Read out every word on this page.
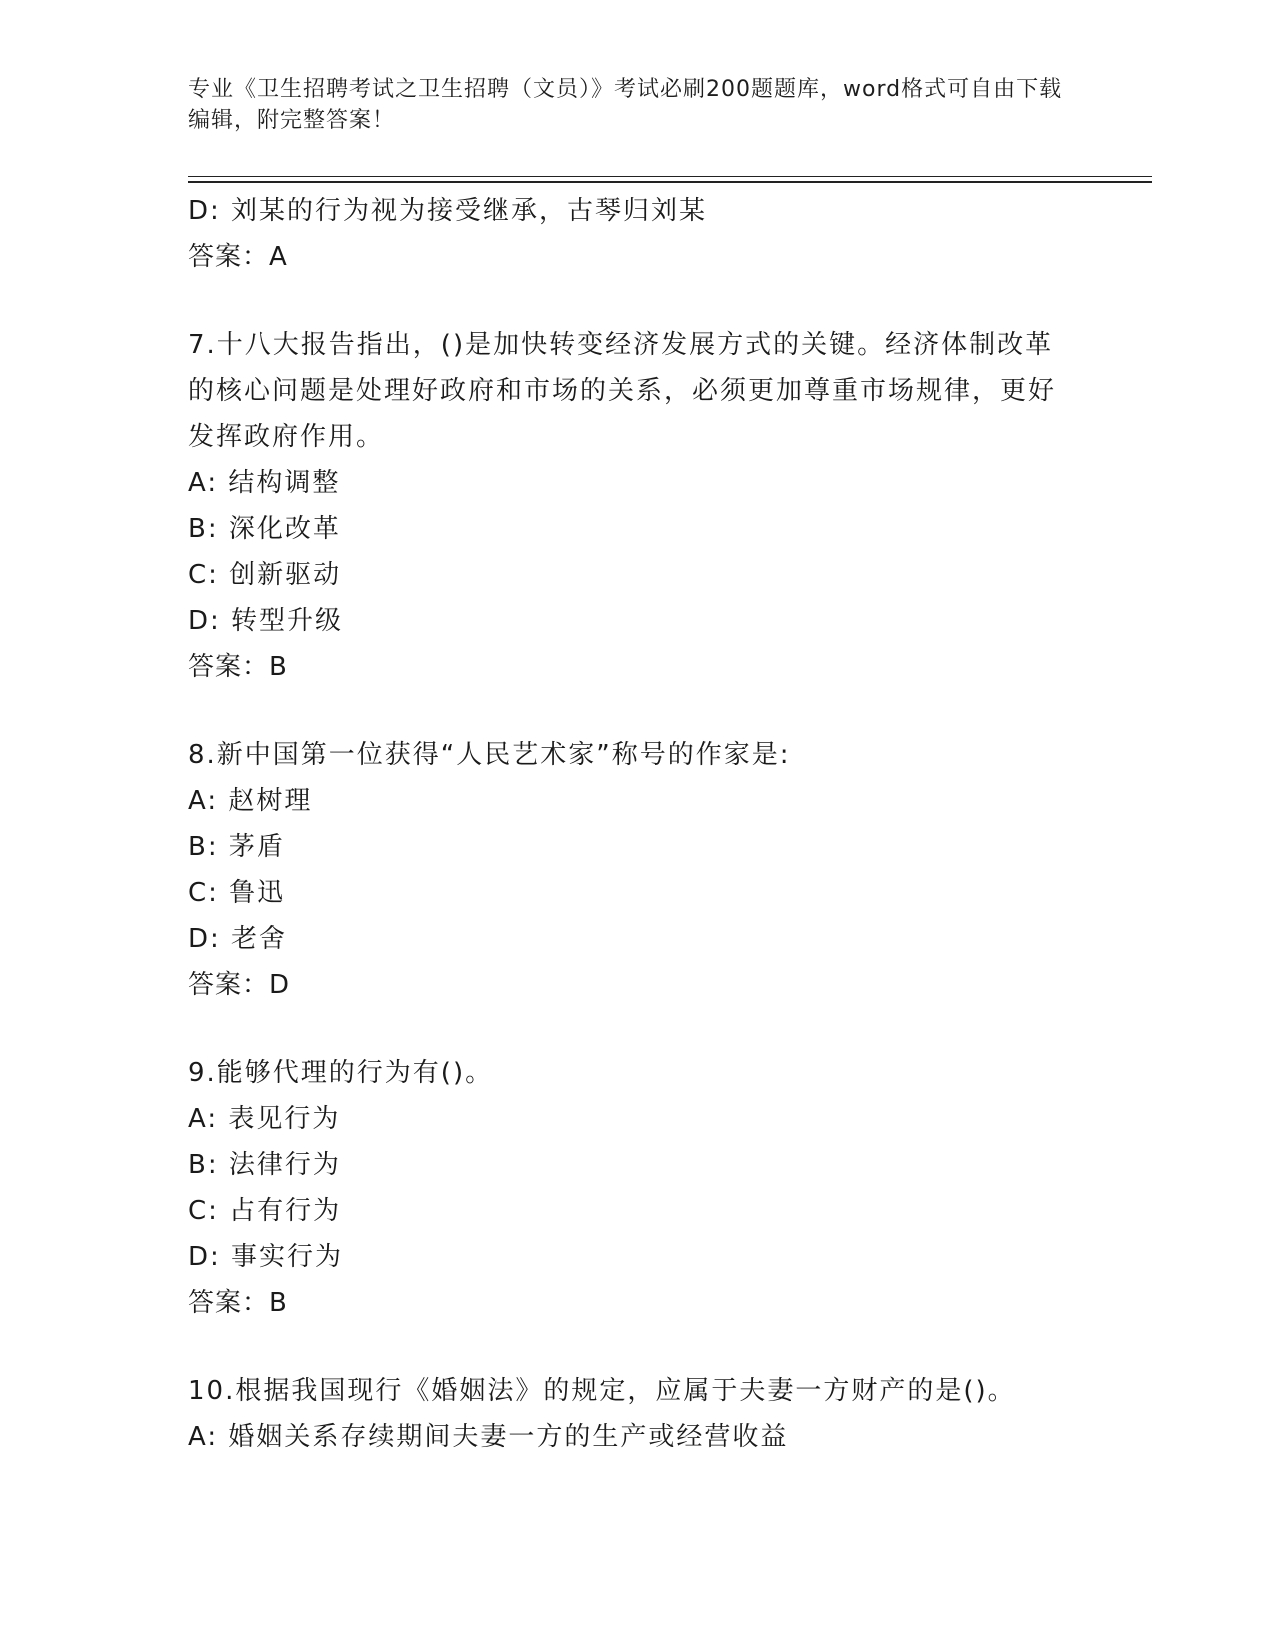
专业《卫生招聘考试之卫生招聘（文员）》考试必刷200题题库，word格式可自由下载编辑，附完整答案！
D: 刘某的行为视为接受继承，古琴归刘某
答案：A
7.十八大报告指出，()是加快转变经济发展方式的关键。经济体制改革的核心问题是处理好政府和市场的关系，必须更加尊重市场规律，更好发挥政府作用。
A: 结构调整
B: 深化改革
C: 创新驱动
D: 转型升级
答案：B
8.新中国第一位获得“人民艺术家”称号的作家是:
A: 赵树理
B: 茅盾
C: 鲁迅
D: 老舍
答案：D
9.能够代理的行为有()。
A: 表见行为
B: 法律行为
C: 占有行为
D: 事实行为
答案：B
10.根据我国现行《婚姻法》的规定，应属于夫妻一方财产的是()。
A: 婚姻关系存续期间夫妻一方的生产或经营收益
